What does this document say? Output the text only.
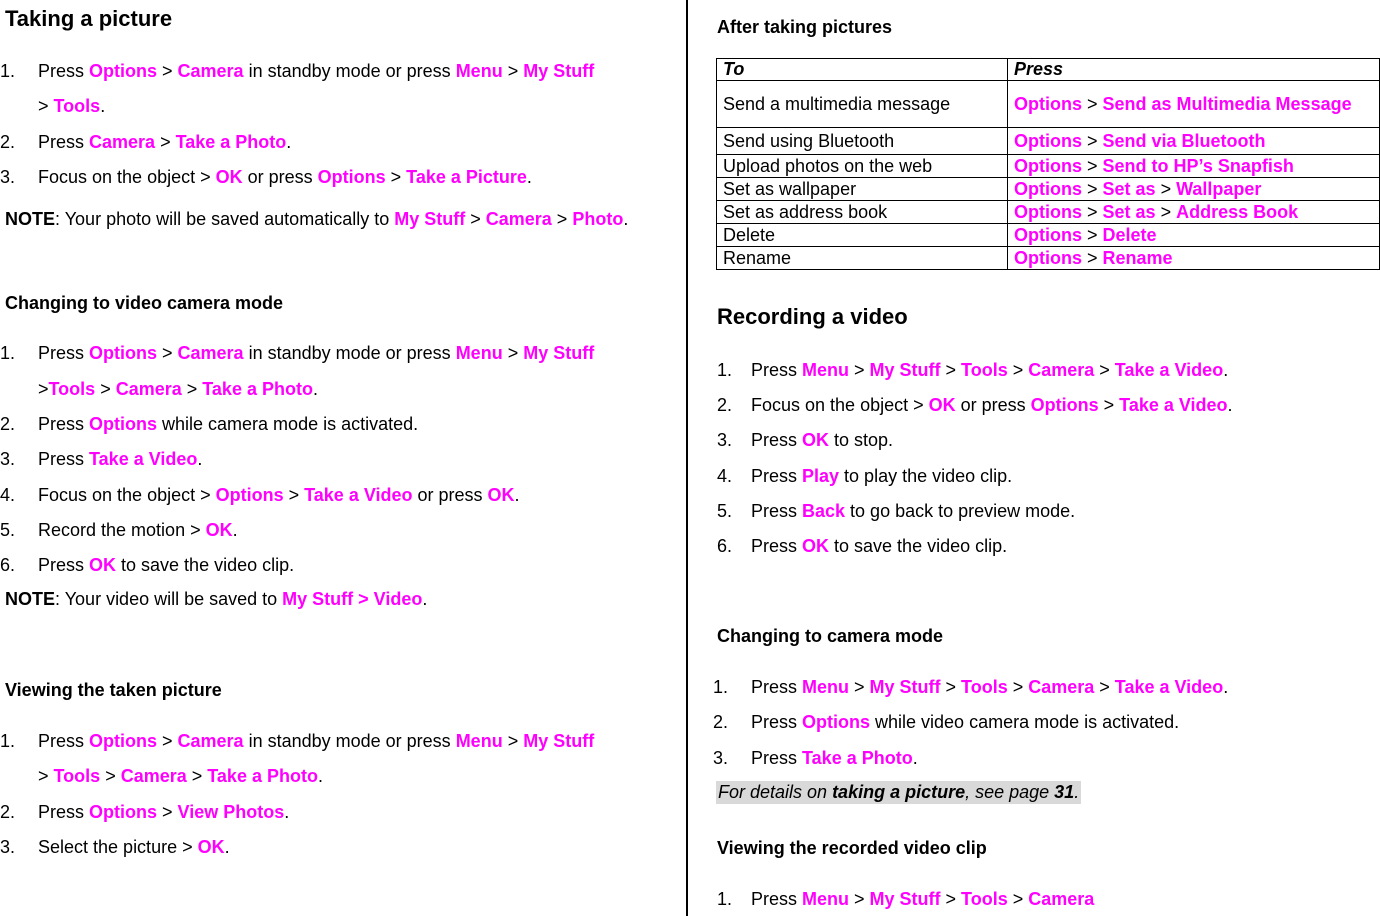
Taking a picture
1. Press Options > Camera in standby mode or press Menu > My Stuff
> Tools.
2. Press Camera > Take a Photo.
3. Focus on the object > OK or press Options > Take a Picture.
NOTE: Your photo will be saved automatically to My Stuff > Camera > Photo.
Changing to video camera mode
1. Press Options > Camera in standby mode or press Menu > My Stuff
>Tools > Camera > Take a Photo.
2. Press Options while camera mode is activated.
3. Press Take a Video.
4. Focus on the object > Options > Take a Video or press OK.
5. Record the motion > OK.
6. Press OK to save the video clip.
NOTE: Your video will be saved to My Stuff > Video.
Viewing the taken picture
1. Press Options > Camera in standby mode or press Menu > My Stuff
> Tools > Camera > Take a Photo.
2. Press Options > View Photos.
3. Select the picture > OK.
After taking pictures
To	Press
Send a multimedia message	Options > Send as Multimedia Message
Send using Bluetooth	Options > Send via Bluetooth
Upload photos on the web	Options > Send to HP’s Snapfish
Set as wallpaper	Options > Set as > Wallpaper
Set as address book	Options > Set as > Address Book
Delete	Options > Delete
Rename	Options > Rename
Recording a video
1. Press Menu > My Stuff > Tools > Camera > Take a Video.
2. Focus on the object > OK or press Options > Take a Video.
3. Press OK to stop.
4. Press Play to play the video clip.
5. Press Back to go back to preview mode.
6. Press OK to save the video clip.
Changing to camera mode
1. Press Menu > My Stuff > Tools > Camera > Take a Video.
2. Press Options while video camera mode is activated.
3. Press Take a Photo.
For details on taking a picture, see page 31.
Viewing the recorded video clip
1. Press Menu > My Stuff > Tools > Camera
